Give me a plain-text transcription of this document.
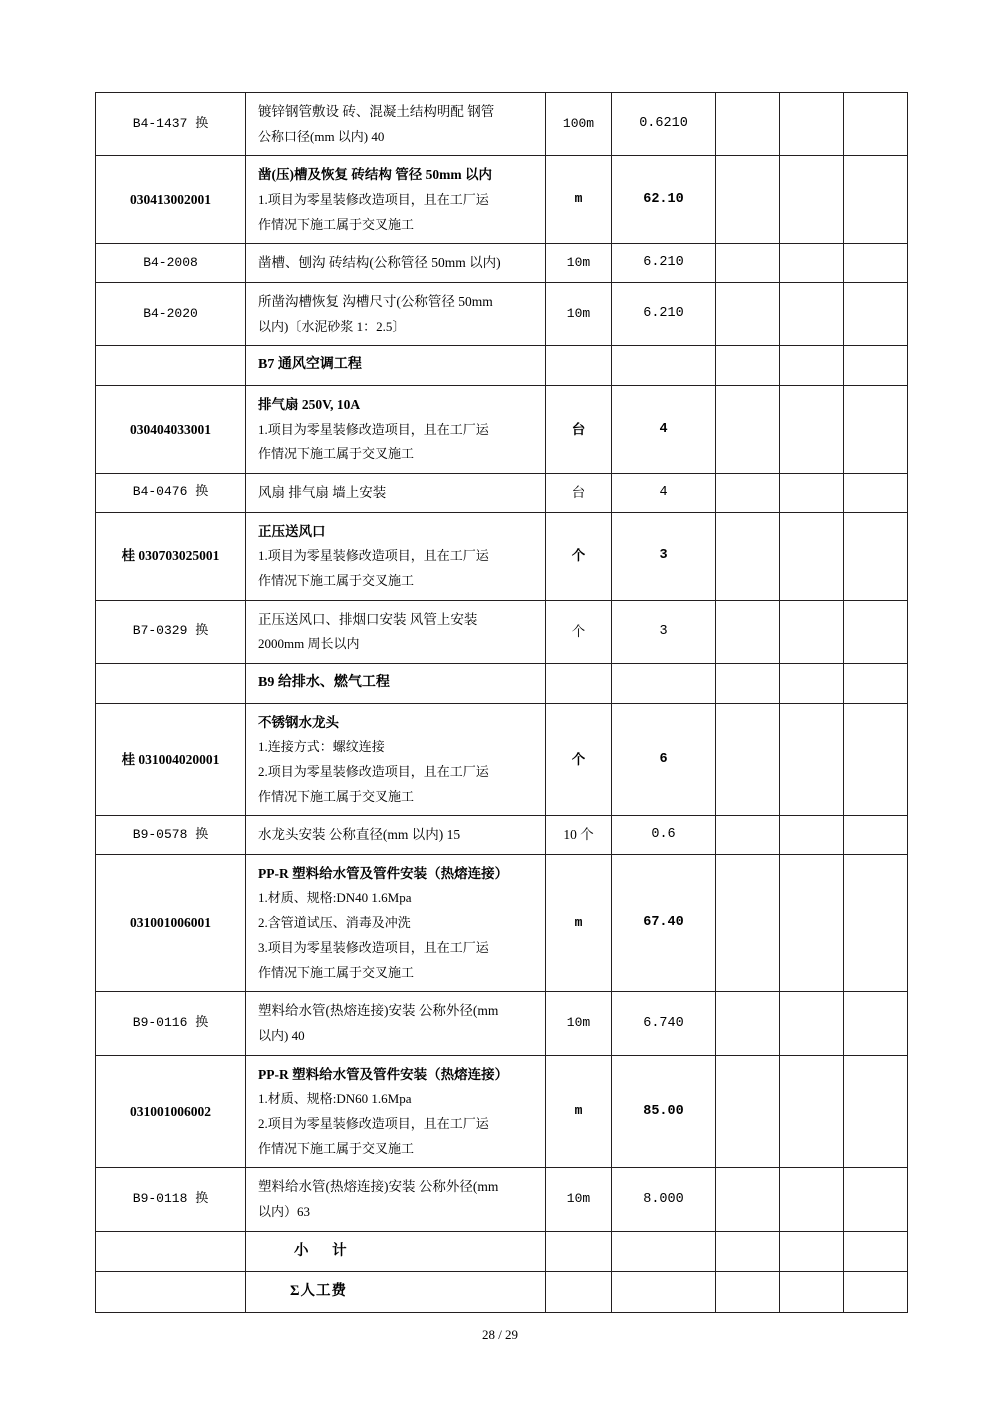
B4-1437 换	镀锌钢管敷设 砖、混凝土结构明配 钢管
公称口径(mm 以内) 40	100m	0.6210			

030413002001	凿(压)槽及恢复 砖结构 管径 50mm 以内
1.项目为零星装修改造项目，且在工厂运
作情况下施工属于交叉施工	m	62.10			

B4-2008	凿槽、刨沟 砖结构(公称管径 50mm 以内)	10m	6.210			

B4-2020	所凿沟槽恢复 沟槽尺寸(公称管径 50mm
以内)〔水泥砂浆 1：2.5〕	10m	6.210			

	B7 通风空调工程					

030404033001	排气扇 250V, 10A
1.项目为零星装修改造项目，且在工厂运
作情况下施工属于交叉施工	台	4			

B4-0476 换	风扇 排气扇 墙上安装	台	4			

桂 030703025001	正压送风口
1.项目为零星装修改造项目，且在工厂运
作情况下施工属于交叉施工	个	3			

B7-0329 换	正压送风口、排烟口安装 风管上安装
2000mm 周长以内	个	3			

	B9 给排水、燃气工程					

桂 031004020001	不锈钢水龙头
1.连接方式：螺纹连接
2.项目为零星装修改造项目，且在工厂运
作情况下施工属于交叉施工	个	6			

B9-0578 换	水龙头安装 公称直径(mm 以内) 15	10 个	0.6			

031001006001	PP-R 塑料给水管及管件安装（热熔连接）
1.材质、规格:DN40 1.6Mpa
2.含管道试压、消毒及冲洗
3.项目为零星装修改造项目，且在工厂运
作情况下施工属于交叉施工	m	67.40			

B9-0116 换	塑料给水管(热熔连接)安装 公称外径(mm
以内) 40	10m	6.740			

031001006002	PP-R 塑料给水管及管件安装（热熔连接）
1.材质、规格:DN60 1.6Mpa
2.项目为零星装修改造项目，且在工厂运
作情况下施工属于交叉施工	m	85.00			

B9-0118 换	塑料给水管(热熔连接)安装 公称外径(mm
以内）63	10m	8.000			

	小 计					

	Σ人工费					

28 / 29
